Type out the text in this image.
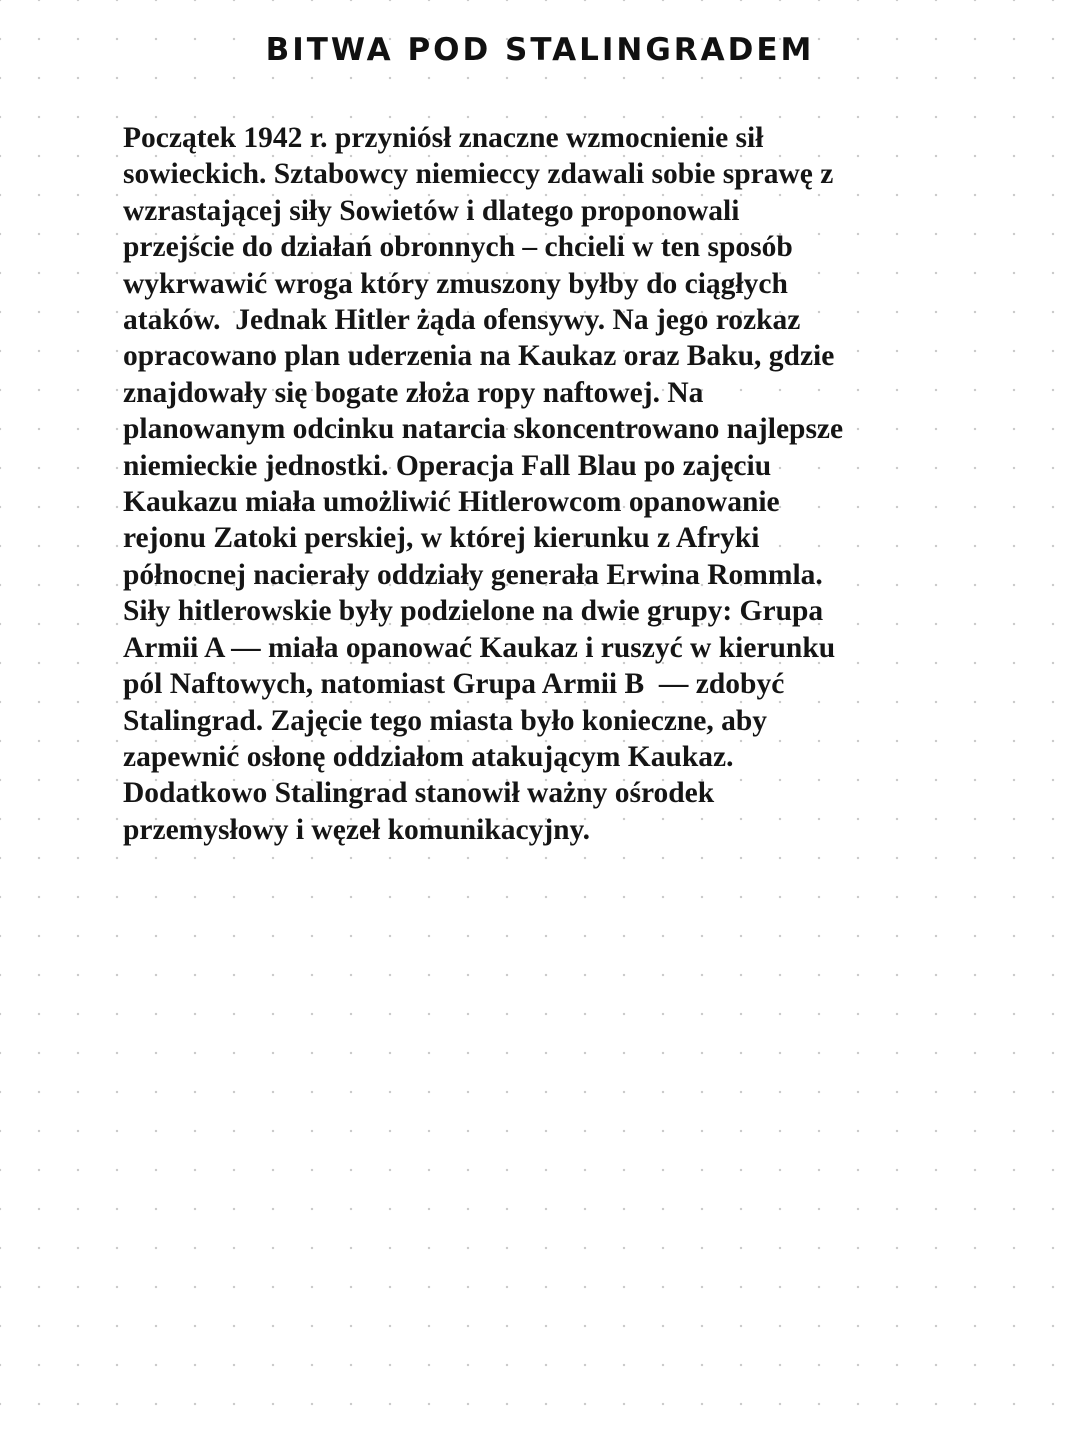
BITWA POD STALINGRADEM
Początek 1942 r. przyniósł znaczne wzmocnienie sił
sowieckich. Sztabowcy niemieccy zdawali sobie sprawę z
wzrastającej siły Sowietów i dlatego proponowali
przejście do działań obronnych – chcieli w ten sposób
wykrwawić wroga który zmuszony byłby do ciągłych
ataków.  Jednak Hitler żąda ofensywy. Na jego rozkaz
opracowano plan uderzenia na Kaukaz oraz Baku, gdzie
znajdowały się bogate złoża ropy naftowej. Na
planowanym odcinku natarcia skoncentrowano najlepsze
niemieckie jednostki. Operacja Fall Blau po zajęciu
Kaukazu miała umożliwić Hitlerowcom opanowanie
rejonu Zatoki perskiej, w której kierunku z Afryki
północnej nacierały oddziały generała Erwina Rommla.
Siły hitlerowskie były podzielone na dwie grupy: Grupa
Armii A — miała opanować Kaukaz i ruszyć w kierunku
pól Naftowych, natomiast Grupa Armii B  — zdobyć
Stalingrad. Zajęcie tego miasta było konieczne, aby
zapewnić osłonę oddziałom atakującym Kaukaz.
Dodatkowo Stalingrad stanowił ważny ośrodek
przemysłowy i węzeł komunikacyjny.
